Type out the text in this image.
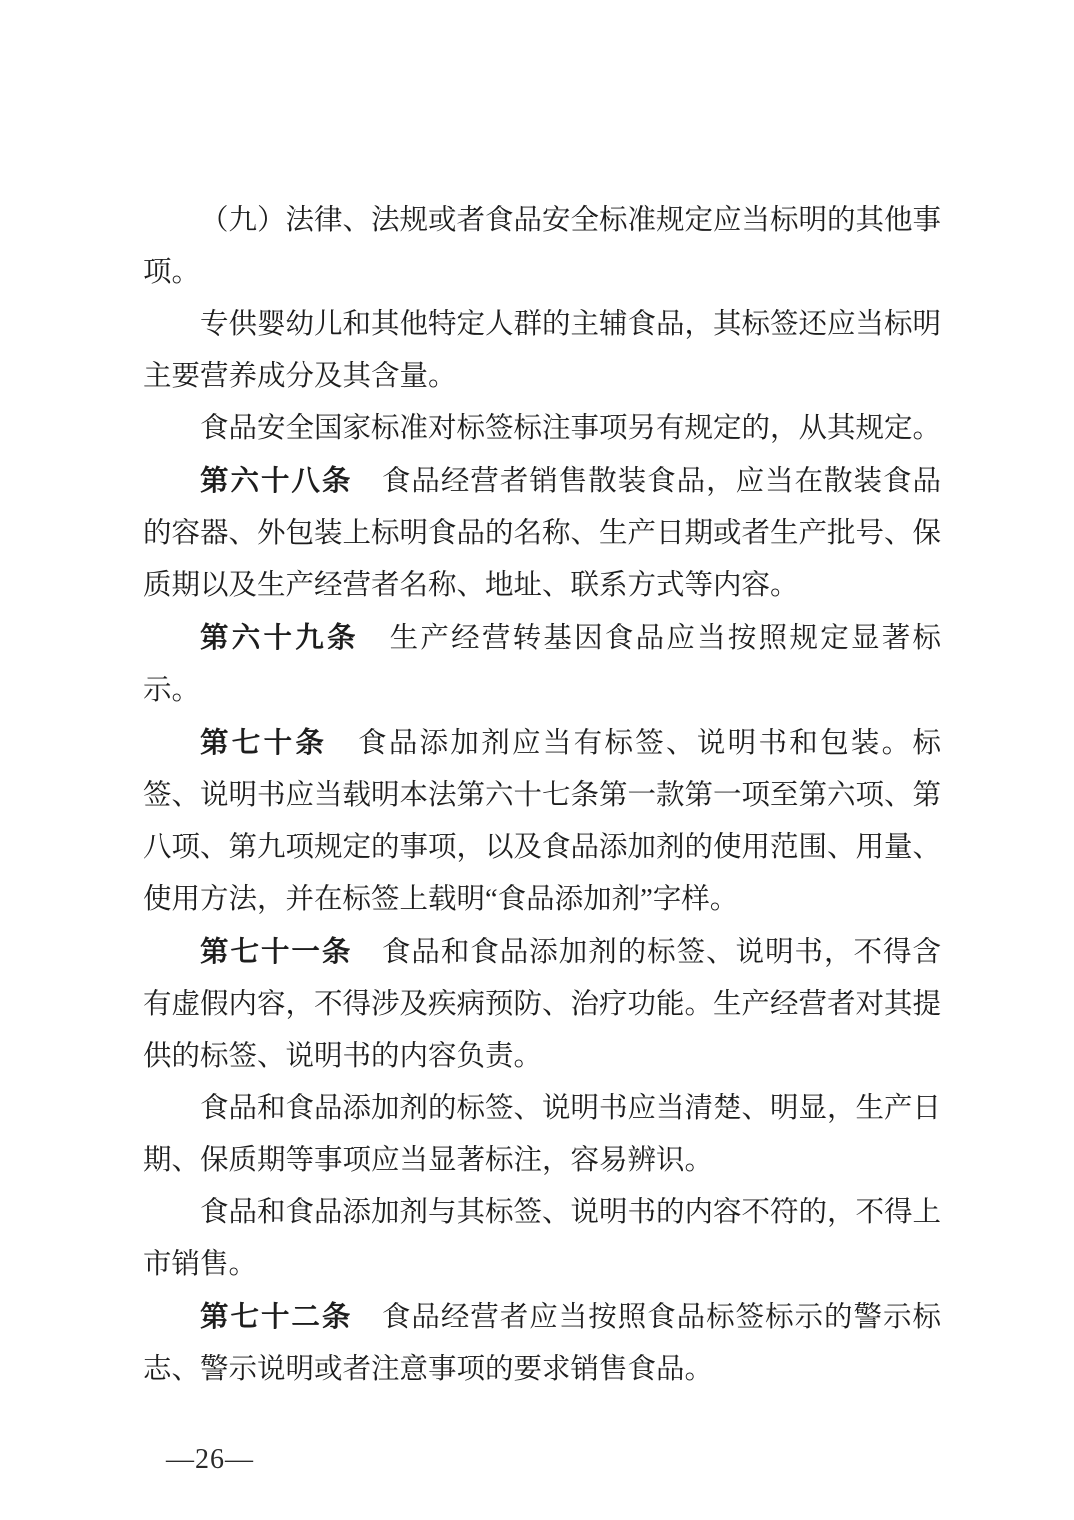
（九）法律、法规或者食品安全标准规定应当标明的其他事项。

专供婴幼儿和其他特定人群的主辅食品，其标签还应当标明主要营养成分及其含量。

食品安全国家标准对标签标注事项另有规定的，从其规定。

第六十八条　食品经营者销售散装食品，应当在散装食品的容器、外包装上标明食品的名称、生产日期或者生产批号、保质期以及生产经营者名称、地址、联系方式等内容。

第六十九条　生产经营转基因食品应当按照规定显著标示。

第七十条　食品添加剂应当有标签、说明书和包装。标签、说明书应当载明本法第六十七条第一款第一项至第六项、第八项、第九项规定的事项，以及食品添加剂的使用范围、用量、使用方法，并在标签上载明“食品添加剂”字样。

第七十一条　食品和食品添加剂的标签、说明书，不得含有虚假内容，不得涉及疾病预防、治疗功能。生产经营者对其提供的标签、说明书的内容负责。

食品和食品添加剂的标签、说明书应当清楚、明显，生产日期、保质期等事项应当显著标注，容易辨识。

食品和食品添加剂与其标签、说明书的内容不符的，不得上市销售。

第七十二条　食品经营者应当按照食品标签标示的警示标志、警示说明或者注意事项的要求销售食品。

—26—
